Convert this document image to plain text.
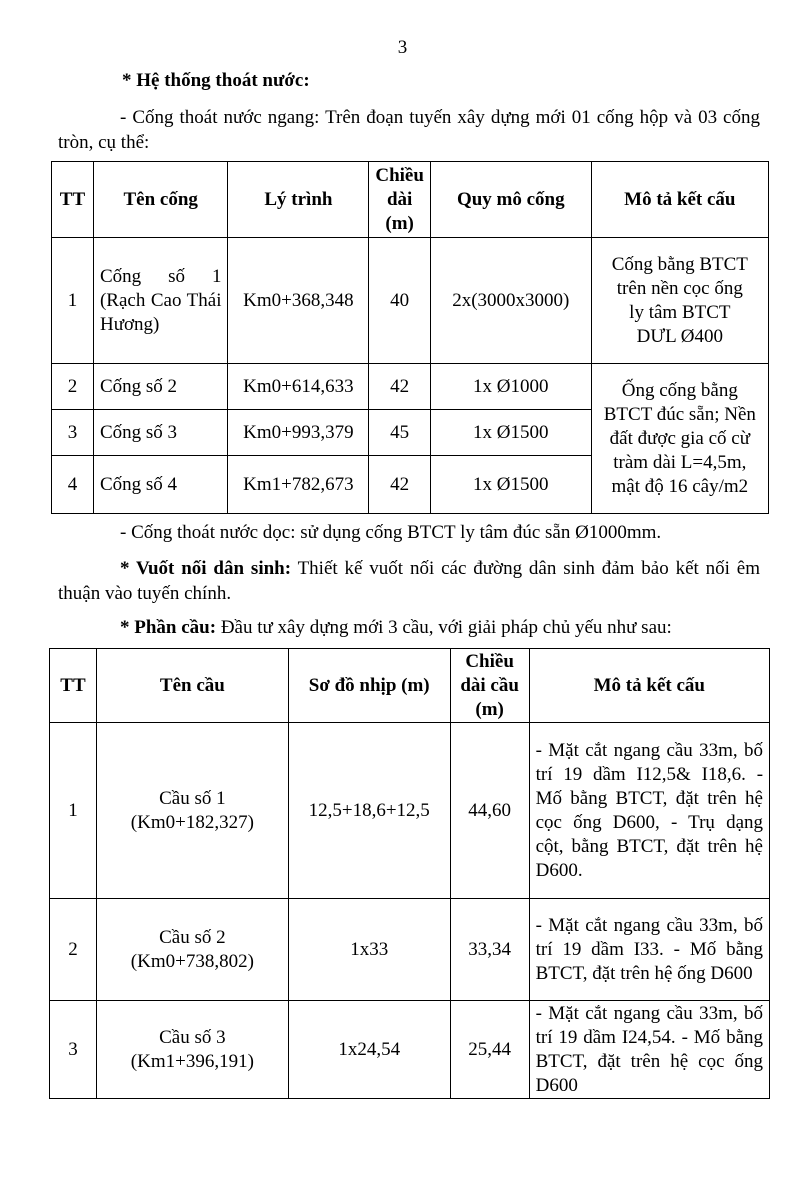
3

* Hệ thống thoát nước:

- Cống thoát nước ngang: Trên đoạn tuyến xây dựng mới 01 cống hộp và 03 cống tròn, cụ thể:

TT	Tên cống	Lý trình	Chiều
dài
(m)	Quy mô cống	Mô tả kết cấu
1	Cống số 1 (Rạch Cao Thái Hương)	Km0+368,348	40	2x(3000x3000)	Cống bằng BTCT trên nền cọc ống ly tâm BTCT DƯL Ø400
2	Cống số 2	Km0+614,633	42	1x Ø1000	Ống cống bằng BTCT đúc sẵn; Nền đất được gia cố cừ tràm dài L=4,5m, mật độ 16 cây/m2
3	Cống số 3	Km0+993,379	45	1x Ø1500	
4	Cống số 4	Km1+782,673	42	1x Ø1500	

- Cống thoát nước dọc: sử dụng cống BTCT ly tâm đúc sẵn Ø1000mm.

* Vuốt nối dân sinh: Thiết kế vuốt nối các đường dân sinh đảm bảo kết nối êm thuận vào tuyến chính.

* Phần cầu: Đầu tư xây dựng mới 3 cầu, với giải pháp chủ yếu như sau:

TT	Tên cầu	Sơ đồ nhịp (m)	Chiều
dài cầu
(m)	Mô tả kết cấu
1	Cầu số 1
(Km0+182,327)	12,5+18,6+12,5	44,60	- Mặt cắt ngang cầu 33m, bố trí 19 dầm I12,5& I18,6. - Mố bằng BTCT, đặt trên hệ cọc ống D600, - Trụ dạng cột, bằng BTCT, đặt trên hệ D600.
2	Cầu số 2
(Km0+738,802)	1x33	33,34	- Mặt cắt ngang cầu 33m, bố trí 19 dầm I33. - Mố bằng BTCT, đặt trên hệ ống D600
3	Cầu số 3
(Km1+396,191)	1x24,54	25,44	- Mặt cắt ngang cầu 33m, bố trí 19 dầm I24,54. - Mố bằng BTCT, đặt trên hệ cọc ống D600
